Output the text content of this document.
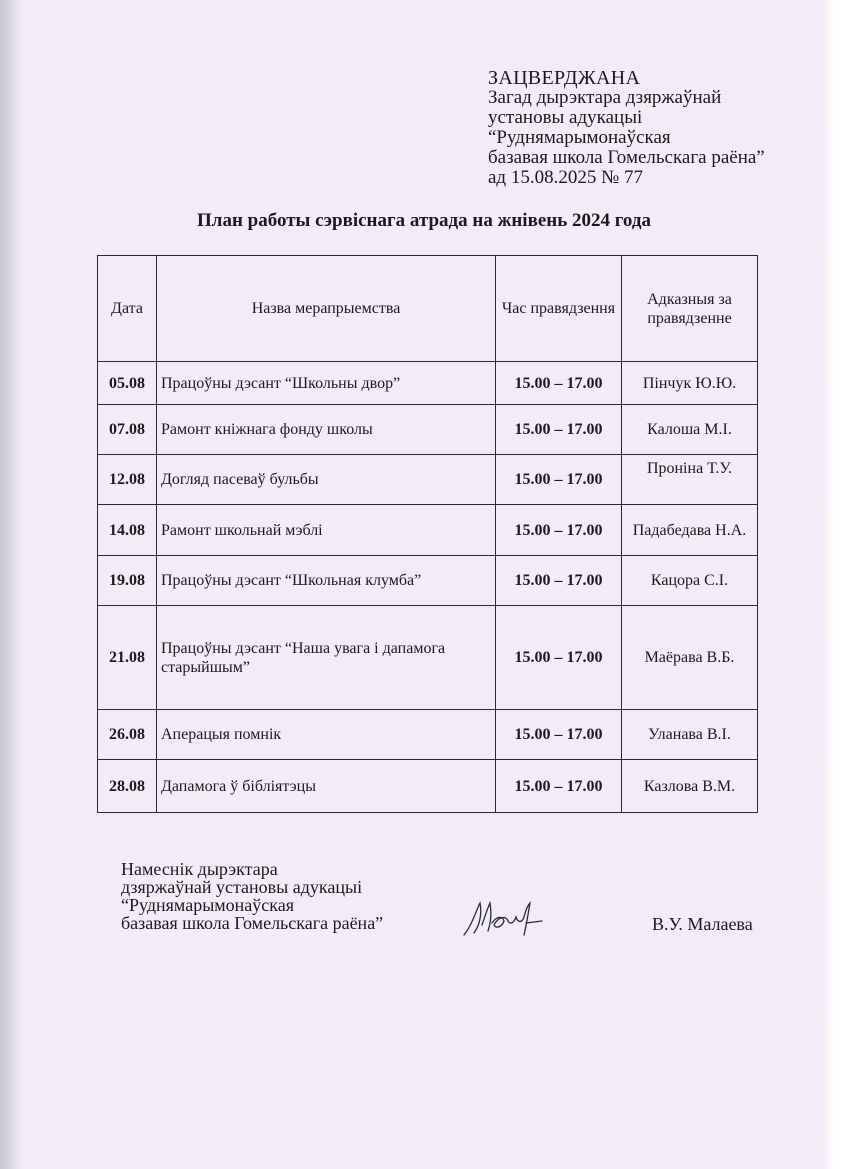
ЗАЦВЕРДЖАНА
Загад дырэктара дзяржаўнай
установы адукацыі
“Руднямарымонаўская
базавая школа Гомельскага раёна”
ад 15.08.2025 № 77
План работы сэрвіснага атрада на жнівень 2024 года
Дата	Назва мерапрыемства	Час правядзення	Адказныя за правядзенне
05.08	Працоўны дэсант “Школьны двор”	15.00 – 17.00	Пінчук Ю.Ю.
07.08	Рамонт кніжнага фонду школы	15.00 – 17.00	Калоша М.І.
12.08	Догляд пасеваў бульбы	15.00 – 17.00	Проніна Т.У.
14.08	Рамонт школьнай мэблі	15.00 – 17.00	Падабедава Н.А.
19.08	Працоўны дэсант “Школьная клумба”	15.00 – 17.00	Кацора С.І.
21.08	Працоўны дэсант “Наша увага і дапамога старыйшым”	15.00 – 17.00	Маёрава В.Б.
26.08	Аперацыя помнік	15.00 – 17.00	Уланава В.І.
28.08	Дапамога ў бібліятэцы	15.00 – 17.00	Казлова В.М.
Намеснік дырэктара
дзяржаўнай установы адукацыі
“Руднямарымонаўская
базавая школа Гомельскага раёна”	В.У. Малаева
